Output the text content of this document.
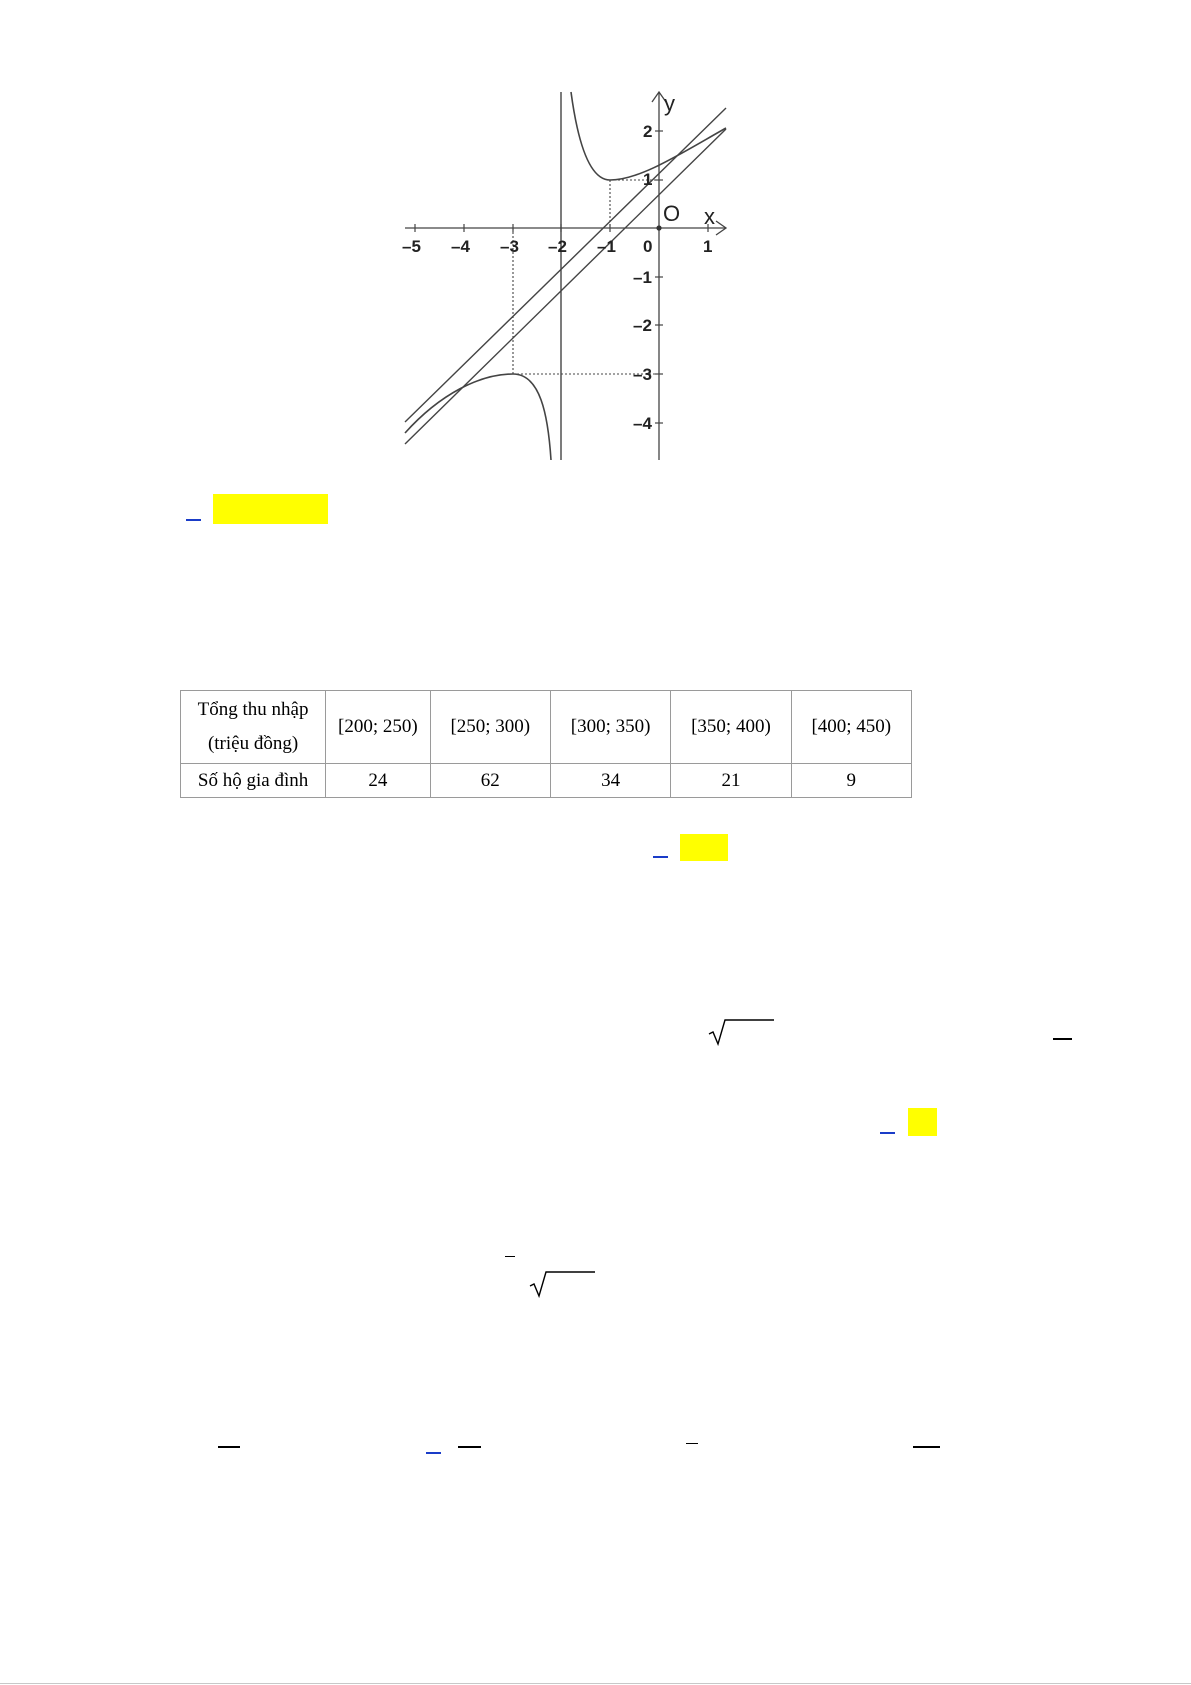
–5 –4 –3 –2 –1 0	1
2
1
–1
–2
–3
–4
x
y
O
Tổng thu nhập
(triệu đồng)	[200; 250)	[250; 300)	[300; 350)	[350; 400)	[400; 450)
Số hộ gia đình	24	62	34	21	9
